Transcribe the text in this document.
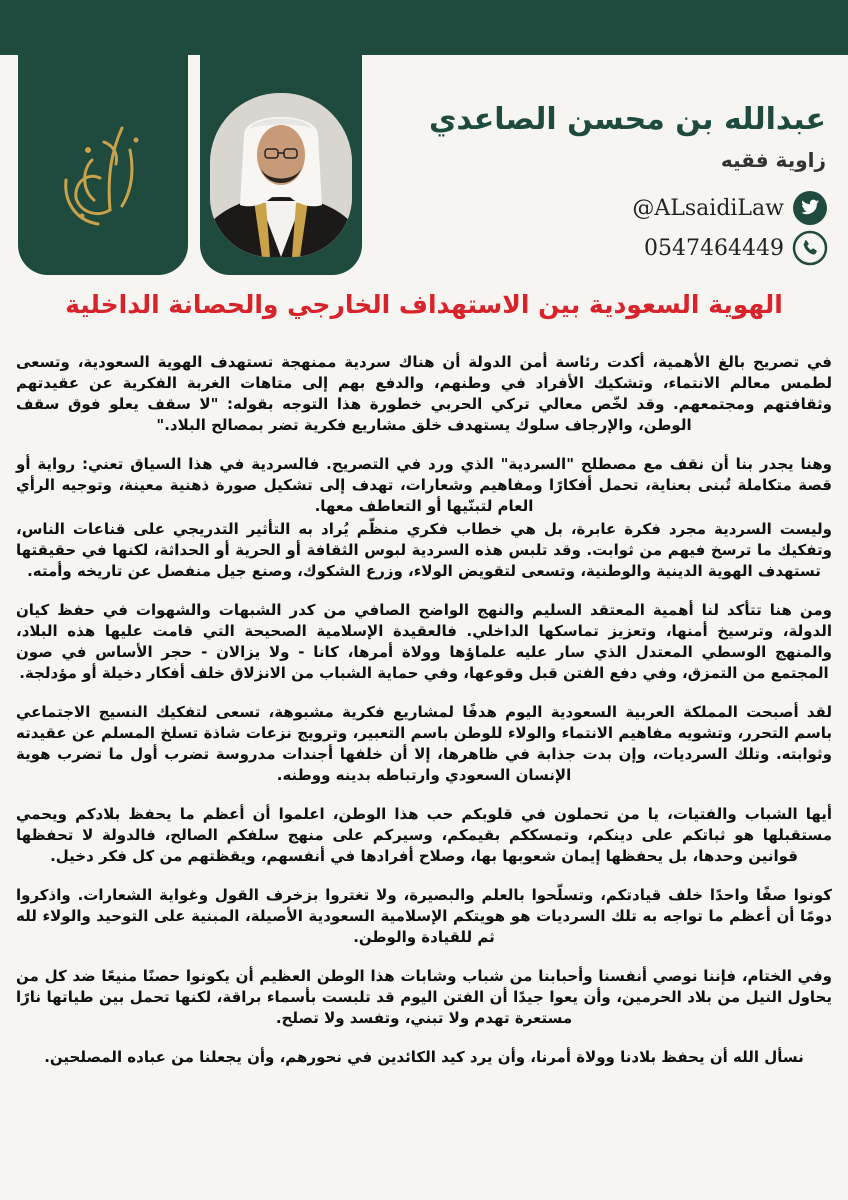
عبدالله بن محسن الصاعدي
زاوية فقيه
@ALsaidiLaw
0547464449
الهوية السعودية بين الاستهداف الخارجي والحصانة الداخلية

في تصريح بالغ الأهمية، أكدت رئاسة أمن الدولة أن هناك سردية ممنهجة تستهدف الهوية السعودية، وتسعى لطمس معالم الانتماء، وتشكيك الأفراد في وطنهم، والدفع بهم إلى متاهات الغربة الفكرية عن عقيدتهم وثقافتهم ومجتمعهم. وقد لخّص معالي تركي الحربي خطورة هذا التوجه بقوله: "لا سقف يعلو فوق سقف الوطن، والإرجاف سلوك يستهدف خلق مشاريع فكرية تضر بمصالح البلاد."

وهنا يجدر بنا أن نقف مع مصطلح "السردية" الذي ورد في التصريح. فالسردية في هذا السياق تعني: رواية أو قصة متكاملة تُبنى بعناية، تحمل أفكارًا ومفاهيم وشعارات، تهدف إلى تشكيل صورة ذهنية معينة، وتوجيه الرأي العام لتبنّيها أو التعاطف معها.

وليست السردية مجرد فكرة عابرة، بل هي خطاب فكري منظّم يُراد به التأثير التدريجي على قناعات الناس، وتفكيك ما ترسخ فيهم من ثوابت. وقد تلبس هذه السردية لبوس الثقافة أو الحرية أو الحداثة، لكنها في حقيقتها تستهدف الهوية الدينية والوطنية، وتسعى لتقويض الولاء، وزرع الشكوك، وصنع جيل منفصل عن تاريخه وأمته.

ومن هنا تتأكد لنا أهمية المعتقد السليم والنهج الواضح الصافي من كدر الشبهات والشهوات في حفظ كيان الدولة، وترسيخ أمنها، وتعزيز تماسكها الداخلي. فالعقيدة الإسلامية الصحيحة التي قامت عليها هذه البلاد، والمنهج الوسطي المعتدل الذي سار عليه علماؤها وولاة أمرها، كانا - ولا يزالان - حجر الأساس في صون المجتمع من التمزق، وفي دفع الفتن قبل وقوعها، وفي حماية الشباب من الانزلاق خلف أفكار دخيلة أو مؤدلجة.

لقد أصبحت المملكة العربية السعودية اليوم هدفًا لمشاريع فكرية مشبوهة، تسعى لتفكيك النسيج الاجتماعي باسم التحرر، وتشويه مفاهيم الانتماء والولاء للوطن باسم التعبير، وترويج نزعات شاذة تسلخ المسلم عن عقيدته وثوابته. وتلك السرديات، وإن بدت جذابة في ظاهرها، إلا أن خلفها أجندات مدروسة تضرب أول ما تضرب هوية الإنسان السعودي وارتباطه بدينه ووطنه.

أيها الشباب والفتيات، يا من تحملون في قلوبكم حب هذا الوطن، اعلموا أن أعظم ما يحفظ بلادكم ويحمي مستقبلها هو ثباتكم على دينكم، وتمسككم بقيمكم، وسيركم على منهج سلفكم الصالح، فالدولة لا تحفظها قوانين وحدها، بل يحفظها إيمان شعوبها بها، وصلاح أفرادها في أنفسهم، ويقظتهم من كل فكر دخيل.

كونوا صفًا واحدًا خلف قيادتكم، وتسلّحوا بالعلم والبصيرة، ولا تغتروا بزخرف القول وغواية الشعارات. واذكروا دومًا أن أعظم ما تواجه به تلك السرديات هو هويتكم الإسلامية السعودية الأصيلة، المبنية على التوحيد والولاء لله ثم للقيادة والوطن.

وفي الختام، فإننا نوصي أنفسنا وأحبابنا من شباب وشابات هذا الوطن العظيم أن يكونوا حصنًا منيعًا ضد كل من يحاول النيل من بلاد الحرمين، وأن يعوا جيدًا أن الفتن اليوم قد تلبست بأسماء براقة، لكنها تحمل بين طياتها نارًا مستعرة تهدم ولا تبني، وتفسد ولا تصلح.

نسأل الله أن يحفظ بلادنا وولاة أمرنا، وأن يرد كيد الكائدين في نحورهم، وأن يجعلنا من عباده المصلحين.
